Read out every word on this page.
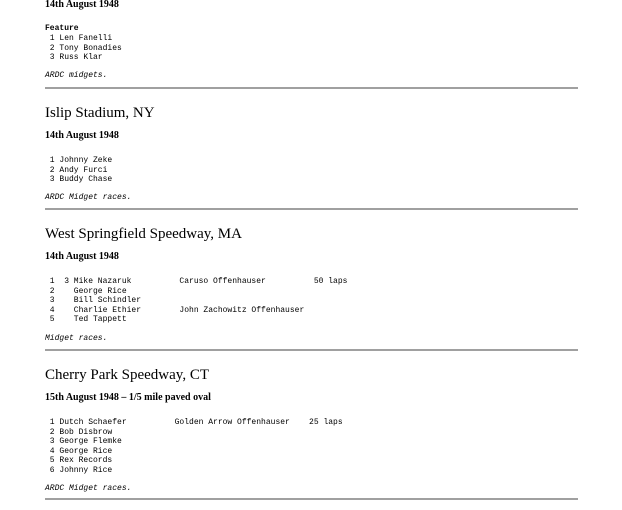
14th August 1948

Feature

1 Len Fanelli

2 Tony Bonadies

3 Russ Klar

ARDC midgets.

Islip Stadium, NY

14th August 1948

1 Johnny Zeke

2 Andy Furci

3 Buddy Chase

ARDC Midget races.

West Springfield Speedway, MA

14th August 1948

1  3 Mike Nazaruk          Caruso Offenhauser          50 laps

2    George Rice

3    Bill Schindler

4    Charlie Ethier        John Zachowitz Offenhauser

5    Ted Tappett

Midget races.

Cherry Park Speedway, CT

15th August 1948 – 1/5 mile paved oval

1 Dutch Schaefer          Golden Arrow Offenhauser    25 laps

2 Bob Disbrow

3 George Flemke

4 George Rice

5 Rex Records

6 Johnny Rice

ARDC Midget races.
